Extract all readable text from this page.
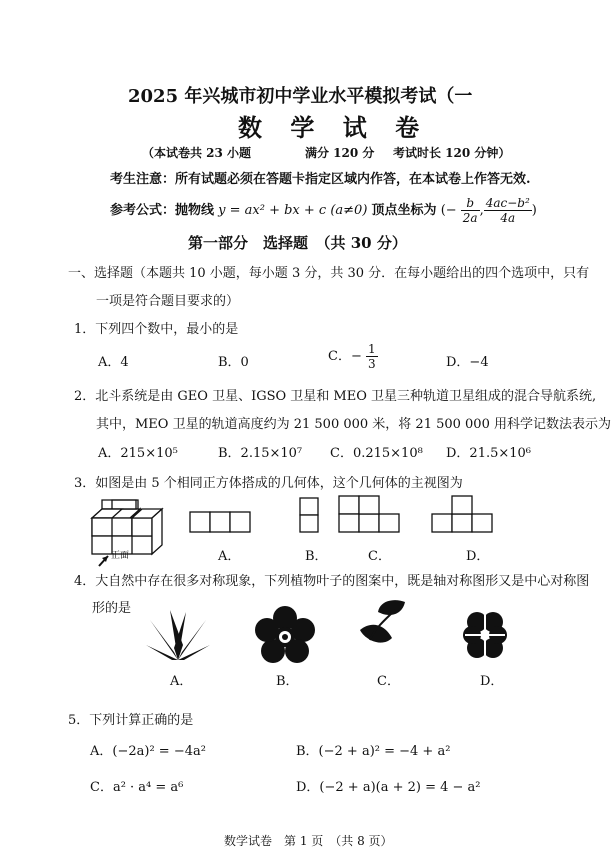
2025 年兴城市初中学业水平模拟考试（一
数 学 试 卷
（本试卷共 23 小题	满分 120 分 考试时长 120 分钟）
考生注意：所有试题必须在答题卡指定区域内作答，在本试卷上作答无效.
参考公式：抛物线 y = ax² + bx + c (a≠0) 顶点坐标为 (− $\frac{b}{2a}$ , $\frac{\text{4ac−b²}}{4a}$ )
第一部分　选择题　（共 30 分）
一、选择题（本题共 10 小题，每小题 3 分，共 30 分．在每小题给出的四个选项中，只有
一项是符合题目要求的）
1．下列四个数中，最小的是
A．4	B．0	C．− $\frac{1}{3}$	D．−4
2．北斗系统是由 GEO 卫星、IGSO 卫星和 MEO 卫星三种轨道卫星组成的混合导航系统,
其中，MEO 卫星的轨道高度约为 21 500 000 米，将 21 500 000 用科学记数法表示为
A．215×10⁵	B．2.15×10⁷ C．0.215×10⁸ D．21.5×10⁶
3．如图是由 5 个相同正方体搭成的几何体，这个几何体的主视图为
正面	A．	B．	C．	D．
4．大自然中存在很多对称现象，下列植物叶子的图案中，既是轴对称图形又是中心对称图
形的是
A．	B．	C．	D．
5．下列计算正确的是
A．(−2a)² = −4a²	B．(−2 + a)² = −4 + a²
C．a² · a⁴ = a⁶	D．(−2 + a)(a + 2) = 4 − a²
数学试卷　第 1 页　（共 8 页）
